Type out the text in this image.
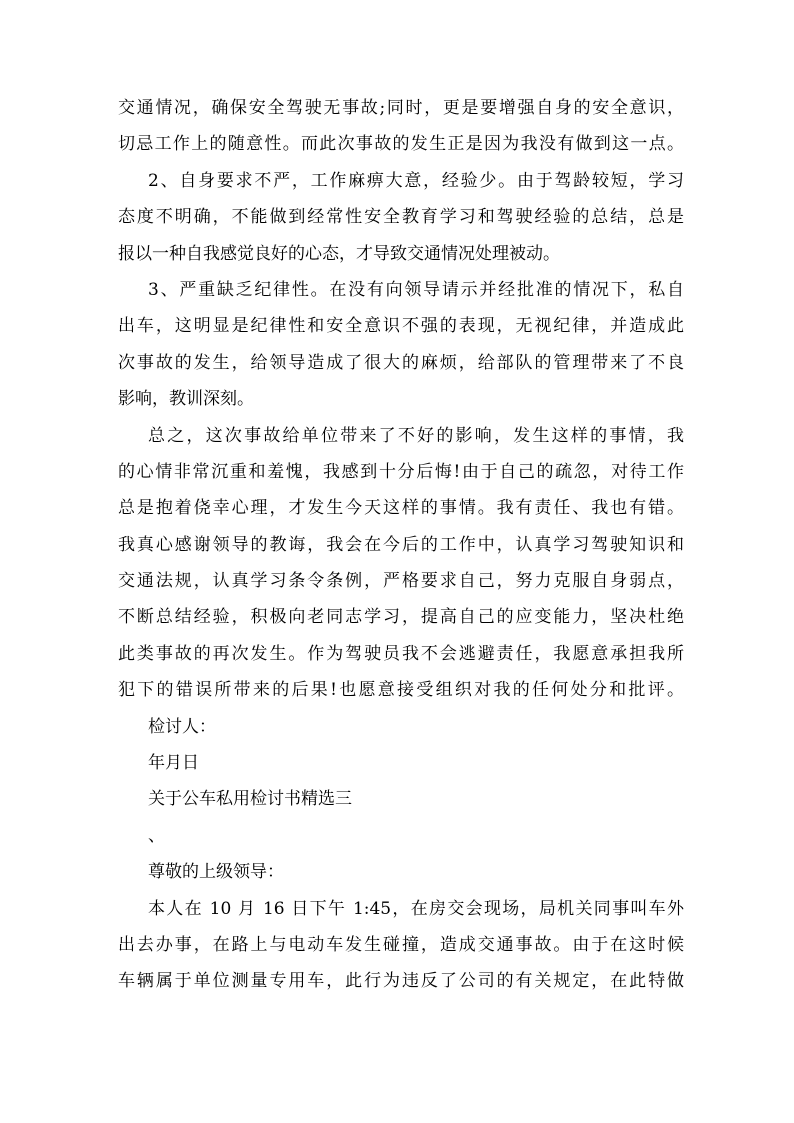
交通情况，确保安全驾驶无事故;同时，更是要增强自身的安全意识，
切忌工作上的随意性。而此次事故的发生正是因为我没有做到这一点。
2、自身要求不严，工作麻痹大意，经验少。由于驾龄较短，学习
态度不明确，不能做到经常性安全教育学习和驾驶经验的总结，总是
报以一种自我感觉良好的心态，才导致交通情况处理被动。
3、严重缺乏纪律性。在没有向领导请示并经批准的情况下，私自
出车，这明显是纪律性和安全意识不强的表现，无视纪律，并造成此
次事故的发生，给领导造成了很大的麻烦，给部队的管理带来了不良
影响，教训深刻。
总之，这次事故给单位带来了不好的影响，发生这样的事情，我
的心情非常沉重和羞愧，我感到十分后悔!由于自己的疏忽，对待工作
总是抱着侥幸心理，才发生今天这样的事情。我有责任、我也有错。
我真心感谢领导的教诲，我会在今后的工作中，认真学习驾驶知识和
交通法规，认真学习条令条例，严格要求自己，努力克服自身弱点，
不断总结经验，积极向老同志学习，提高自己的应变能力，坚决杜绝
此类事故的再次发生。作为驾驶员我不会逃避责任，我愿意承担我所
犯下的错误所带来的后果!也愿意接受组织对我的任何处分和批评。
检讨人：
年月日
关于公车私用检讨书精选三
、
尊敬的上级领导：
本人在 10 月 16 日下午 1:45，在房交会现场，局机关同事叫车外
出去办事，在路上与电动车发生碰撞，造成交通事故。由于在这时候
车辆属于单位测量专用车，此行为违反了公司的有关规定，在此特做
